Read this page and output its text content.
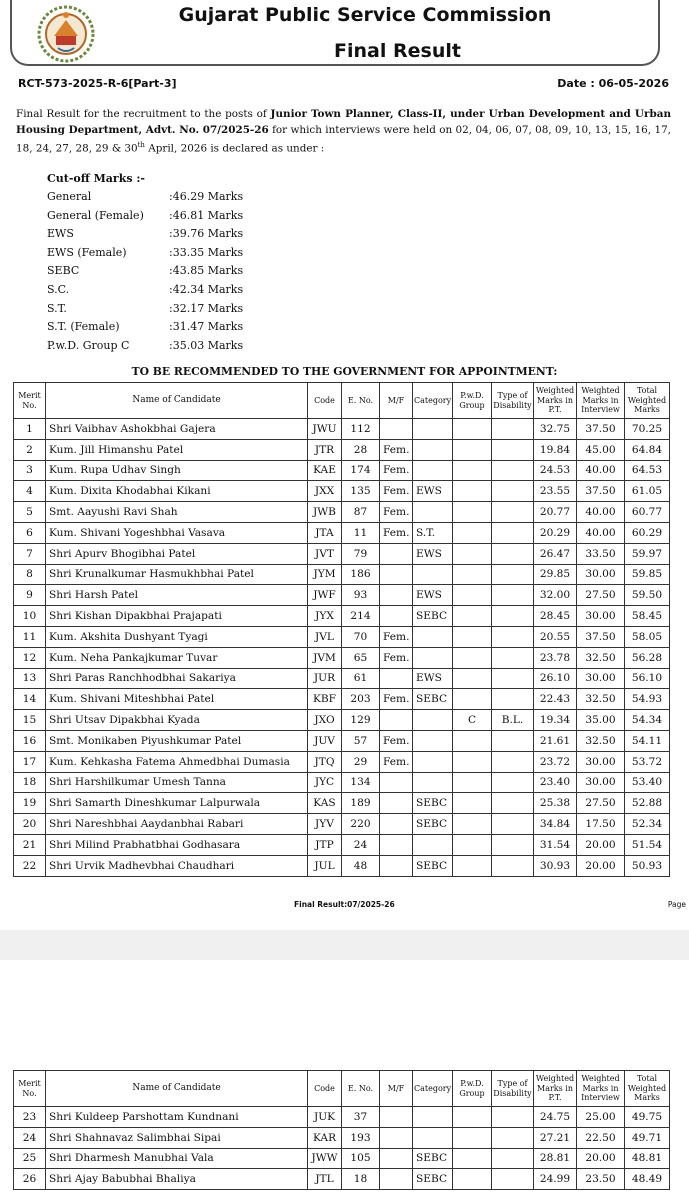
Gujarat Public Service Commission
Final Result
RCT-573-2025-R-6[Part-3]	Date : 06-05-2026
Final Result for the recruitment to the posts of Junior Town Planner, Class-II, under Urban Development and Urban Housing Department, Advt. No. 07/2025-26 for which interviews were held on 02, 04, 06, 07, 08, 09, 10, 13, 15, 16, 17, 18, 24, 27, 28, 29 & 30th April, 2026 is declared as under :
Cut-off Marks :-
General	:46.29 Marks
General (Female) :46.81 Marks
EWS	:39.76 Marks
EWS (Female)	:33.35 Marks
SEBC	:43.85 Marks
S.C.	:42.34 Marks
S.T.	:32.17 Marks
S.T. (Female)	:31.47 Marks
P.w.D. Group C	:35.03 Marks
TO BE RECOMMENDED TO THE GOVERNMENT FOR APPOINTMENT:
Merit No.	Name of Candidate	Code	E. No.	M/F	Category	P.w.D. Group	Type of Disability	Weighted Marks in P.T.	Weighted Marks in Interview	Total Weighted Marks
1	Shri Vaibhav Ashokbhai Gajera	JWU	112					32.75	37.50	70.25
2	Kum. Jill Himanshu Patel	JTR	28	Fem.				19.84	45.00	64.84
3	Kum. Rupa Udhav Singh	KAE	174	Fem.				24.53	40.00	64.53
4	Kum. Dixita Khodabhai Kikani	JXX	135	Fem.	EWS			23.55	37.50	61.05
5	Smt. Aayushi Ravi Shah	JWB	87	Fem.				20.77	40.00	60.77
6	Kum. Shivani Yogeshbhai Vasava	JTA	11	Fem.	S.T.			20.29	40.00	60.29
7	Shri Apurv Bhogibhai Patel	JVT	79		EWS			26.47	33.50	59.97
8	Shri Krunalkumar Hasmukhbhai Patel	JYM	186					29.85	30.00	59.85
9	Shri Harsh Patel	JWF	93		EWS			32.00	27.50	59.50
10	Shri Kishan Dipakbhai Prajapati	JYX	214		SEBC			28.45	30.00	58.45
11	Kum. Akshita Dushyant Tyagi	JVL	70	Fem.				20.55	37.50	58.05
12	Kum. Neha Pankajkumar Tuvar	JVM	65	Fem.				23.78	32.50	56.28
13	Shri Paras Ranchhodbhai Sakariya	JUR	61		EWS			26.10	30.00	56.10
14	Kum. Shivani Miteshbhai Patel	KBF	203	Fem.	SEBC			22.43	32.50	54.93
15	Shri Utsav Dipakbhai Kyada	JXO	129			C	B.L.	19.34	35.00	54.34
16	Smt. Monikaben Piyushkumar Patel	JUV	57	Fem.				21.61	32.50	54.11
17	Kum. Kehkasha Fatema Ahmedbhai Dumasia	JTQ	29	Fem.				23.72	30.00	53.72
18	Shri Harshilkumar Umesh Tanna	JYC	134					23.40	30.00	53.40
19	Shri Samarth Dineshkumar Lalpurwala	KAS	189		SEBC			25.38	27.50	52.88
20	Shri Nareshbhai Aaydanbhai Rabari	JYV	220		SEBC			34.84	17.50	52.34
21	Shri Milind Prabhatbhai Godhasara	JTP	24					31.54	20.00	51.54
22	Shri Urvik Madhevbhai Chaudhari	JUL	48		SEBC			30.93	20.00	50.93
Final Result:07/2025-26	Page
Merit No.	Name of Candidate	Code	E. No.	M/F	Category	P.w.D. Group	Type of Disability	Weighted Marks in P.T.	Weighted Marks in Interview	Total Weighted Marks
23	Shri Kuldeep Parshottam Kundnani	JUK	37					24.75	25.00	49.75
24	Shri Shahnavaz Salimbhai Sipai	KAR	193					27.21	22.50	49.71
25	Shri Dharmesh Manubhai Vala	JWW	105		SEBC			28.81	20.00	48.81
26	Shri Ajay Babubhai Bhaliya	JTL	18		SEBC			24.99	23.50	48.49
